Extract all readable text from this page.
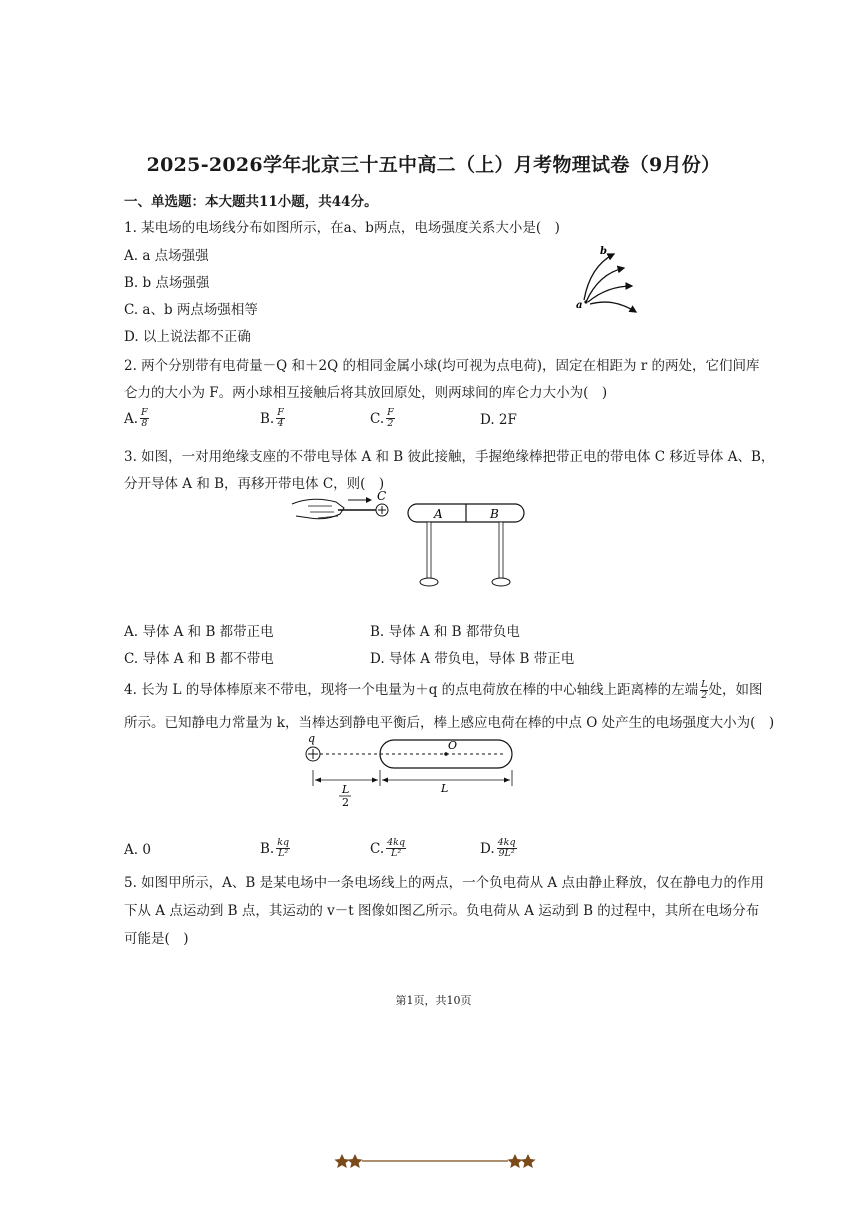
2025-2026学年北京三十五中高二（上）月考物理试卷（9月份）
一、单选题：本大题共11小题，共44分。
1. 某电场的电场线分布如图所示，在a、b两点，电场强度关系大小是(　)
A. a 点场强强
B. b 点场强强
C. a、b 两点场强相等
D. 以上说法都不正确
a
b
2. 两个分别带有电荷量－Q 和＋2Q 的相同金属小球(均可视为点电荷)，固定在相距为 r 的两处，它们间库
仑力的大小为 F。两小球相互接触后将其放回原处，则两球间的库仑力大小为(　)
A. $\frac{F}{8}$	B. $\frac{F}{4}$	C. $\frac{F}{2}$	D. 2F
3. 如图，一对用绝缘支座的不带电导体 A 和 B 彼此接触，手握绝缘棒把带正电的带电体 C 移近导体 A、B，
分开导体 A 和 B，再移开带电体 C，则(　)
C
A	B
A. 导体 A 和 B 都带正电	B. 导体 A 和 B 都带负电
C. 导体 A 和 B 都不带电	D. 导体 A 带负电，导体 B 带正电
4. 长为 L 的导体棒原来不带电，现将一个电量为＋q 的点电荷放在棒的中心轴线上距离棒的左端 $\frac{L}{2}$ 处，如图
所示。已知静电力常量为 k，当棒达到静电平衡后，棒上感应电荷在棒的中点 O 处产生的电场强度大小为(　)
q
O
L
2
L
A. 0	B. $\frac{kq}{\text{L²}}$	C. $\frac{4kq}{\text{L²}}$	D. $\frac{4kq}{\text{9L²}}$
5. 如图甲所示，A、B 是某电场中一条电场线上的两点，一个负电荷从 A 点由静止释放，仅在静电力的作用
下从 A 点运动到 B 点，其运动的 v－t 图像如图乙所示。负电荷从 A 运动到 B 的过程中，其所在电场分布
可能是(　)
第1页，共10页
